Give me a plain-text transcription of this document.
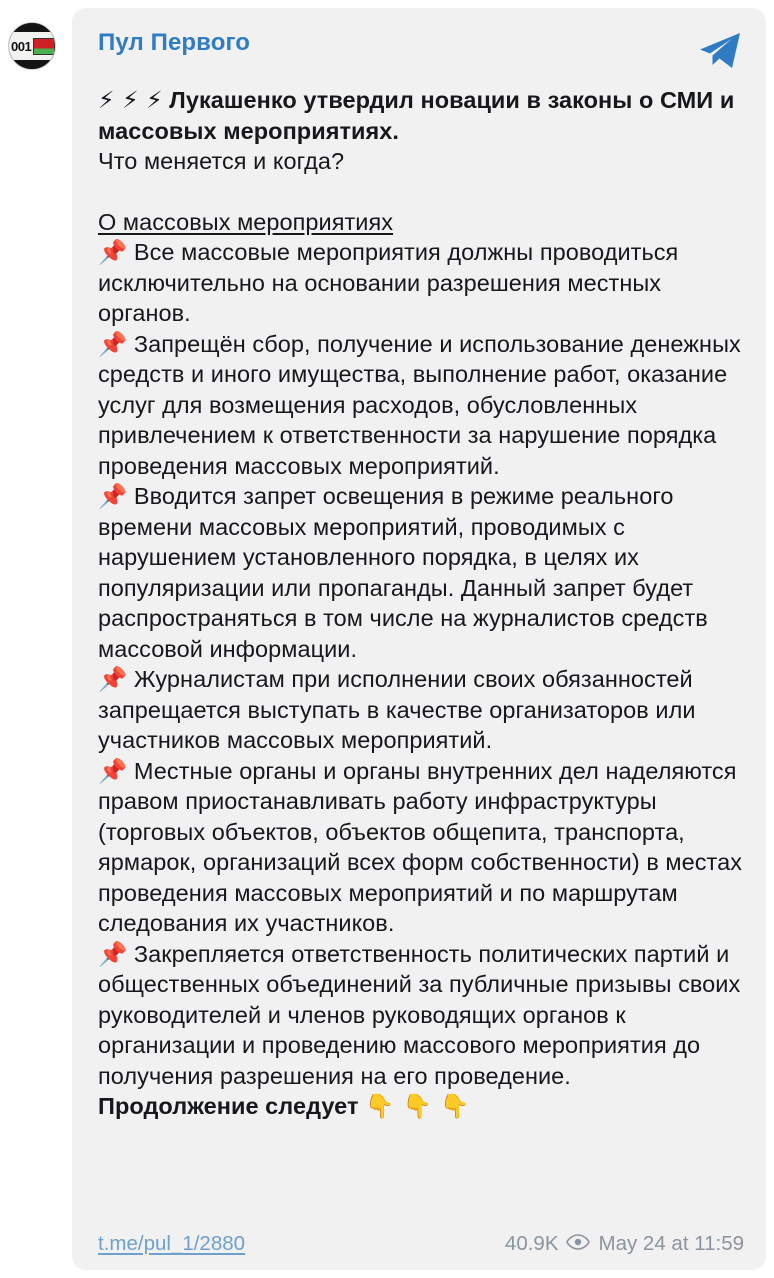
001	Пул Первого

⚡ ⚡ ⚡ Лукашенко утвердил новации в законы о СМИ и массовых мероприятиях.

Что меняется и когда?

О массовых мероприятиях

📌 Все массовые мероприятия должны проводиться исключительно на основании разрешения местных органов.

📌 Запрещён сбор, получение и использование денежных средств и иного имущества, выполнение работ, оказание услуг для возмещения расходов, обусловленных привлечением к ответственности за нарушение порядка проведения массовых мероприятий.

📌 Вводится запрет освещения в режиме реального времени массовых мероприятий, проводимых с нарушением установленного порядка, в целях их популяризации или пропаганды. Данный запрет будет распространяться в том числе на журналистов средств массовой информации.

📌 Журналистам при исполнении своих обязанностей запрещается выступать в качестве организаторов или участников массовых мероприятий.

📌 Местные органы и органы внутренних дел наделяются правом приостанавливать работу инфраструктуры (торговых объектов, объектов общепита, транспорта, ярмарок, организаций всех форм собственности) в местах проведения массовых мероприятий и по маршрутам следования их участников.

📌 Закрепляется ответственность политических партий и общественных объединений за публичные призывы своих руководителей и членов руководящих органов к организации и проведению массового мероприятия до получения разрешения на его проведение.

Продолжение следует 👇 👇 👇

t.me/pul_1/2880	40.9K May 24 at 11:59
